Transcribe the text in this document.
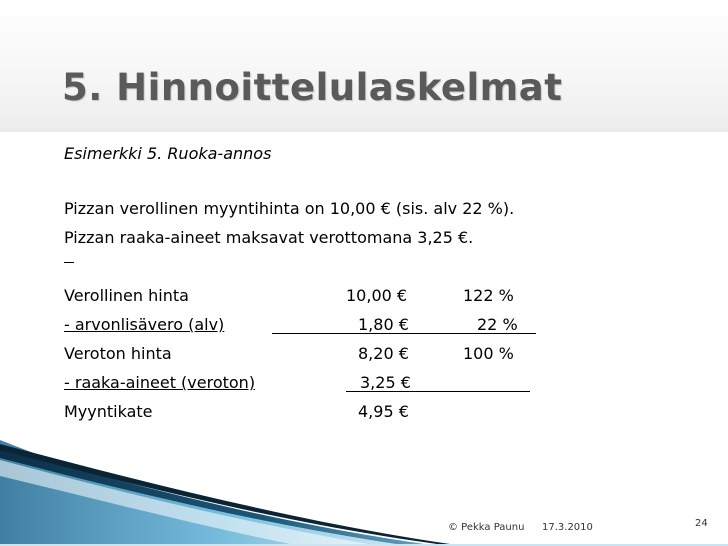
5. Hinnoittelulaskelmat
Esimerkki 5. Ruoka-annos
Pizzan verollinen myyntihinta on 10,00 € (sis. alv 22 %).
Pizzan raaka-aineet maksavat verottomana 3,25 €.
Verollinen hinta	10,00 €	122 %
- arvonlisävero (alv)	1,80 €	22 %
Veroton hinta	8,20 €	100 %
- raaka-aineet (veroton)	3,25 €
Myyntikate	4,95 €
© Pekka Paunu 17.3.2010	24
